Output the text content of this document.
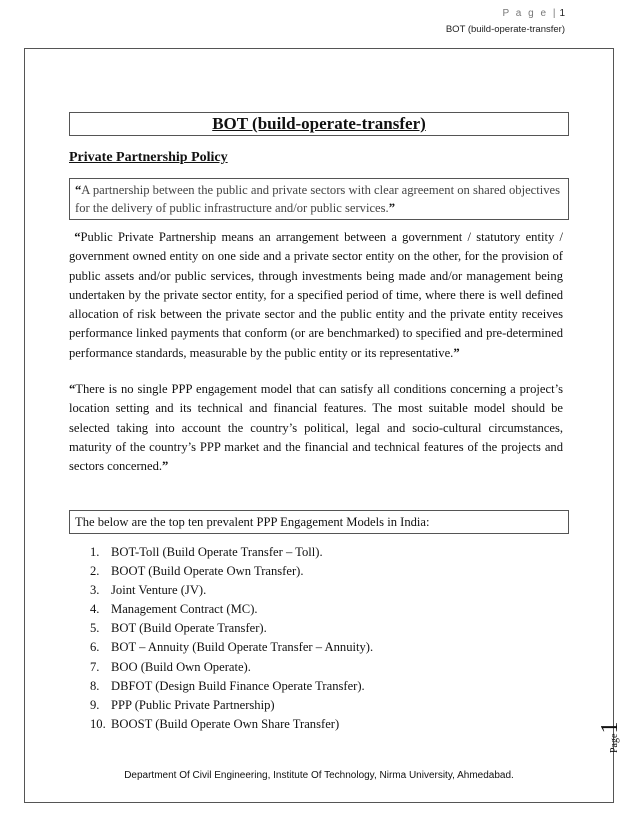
P a g e | 1
BOT (build-operate-transfer)
BOT (build-operate-transfer)
Private Partnership Policy
“A partnership between the public and private sectors with clear agreement on shared objectives for the delivery of public infrastructure and/or public services.”
“Public Private Partnership means an arrangement between a government / statutory entity / government owned entity on one side and a private sector entity on the other, for the provision of public assets and/or public services, through investments being made and/or management being undertaken by the private sector entity, for a specified period of time, where there is well defined allocation of risk between the private sector and the public entity and the private entity receives performance linked payments that conform (or are benchmarked) to specified and pre-determined performance standards, measurable by the public entity or its representative.”
“There is no single PPP engagement model that can satisfy all conditions concerning a project’s location setting and its technical and financial features. The most suitable model should be selected taking into account the country’s political, legal and socio-cultural circumstances, maturity of the country’s PPP market and the financial and technical features of the projects and sectors concerned.”
The below are the top ten prevalent PPP Engagement Models in India:
1. BOT-Toll (Build Operate Transfer – Toll).
2. BOOT (Build Operate Own Transfer).
3. Joint Venture (JV).
4. Management Contract (MC).
5. BOT (Build Operate Transfer).
6. BOT – Annuity (Build Operate Transfer – Annuity).
7. BOO (Build Own Operate).
8. DBFOT (Design Build Finance Operate Transfer).
9. PPP (Public Private Partnership)
10. BOOST (Build Operate Own Share Transfer)
Page1
Department Of Civil Engineering, Institute Of Technology, Nirma University, Ahmedabad.
